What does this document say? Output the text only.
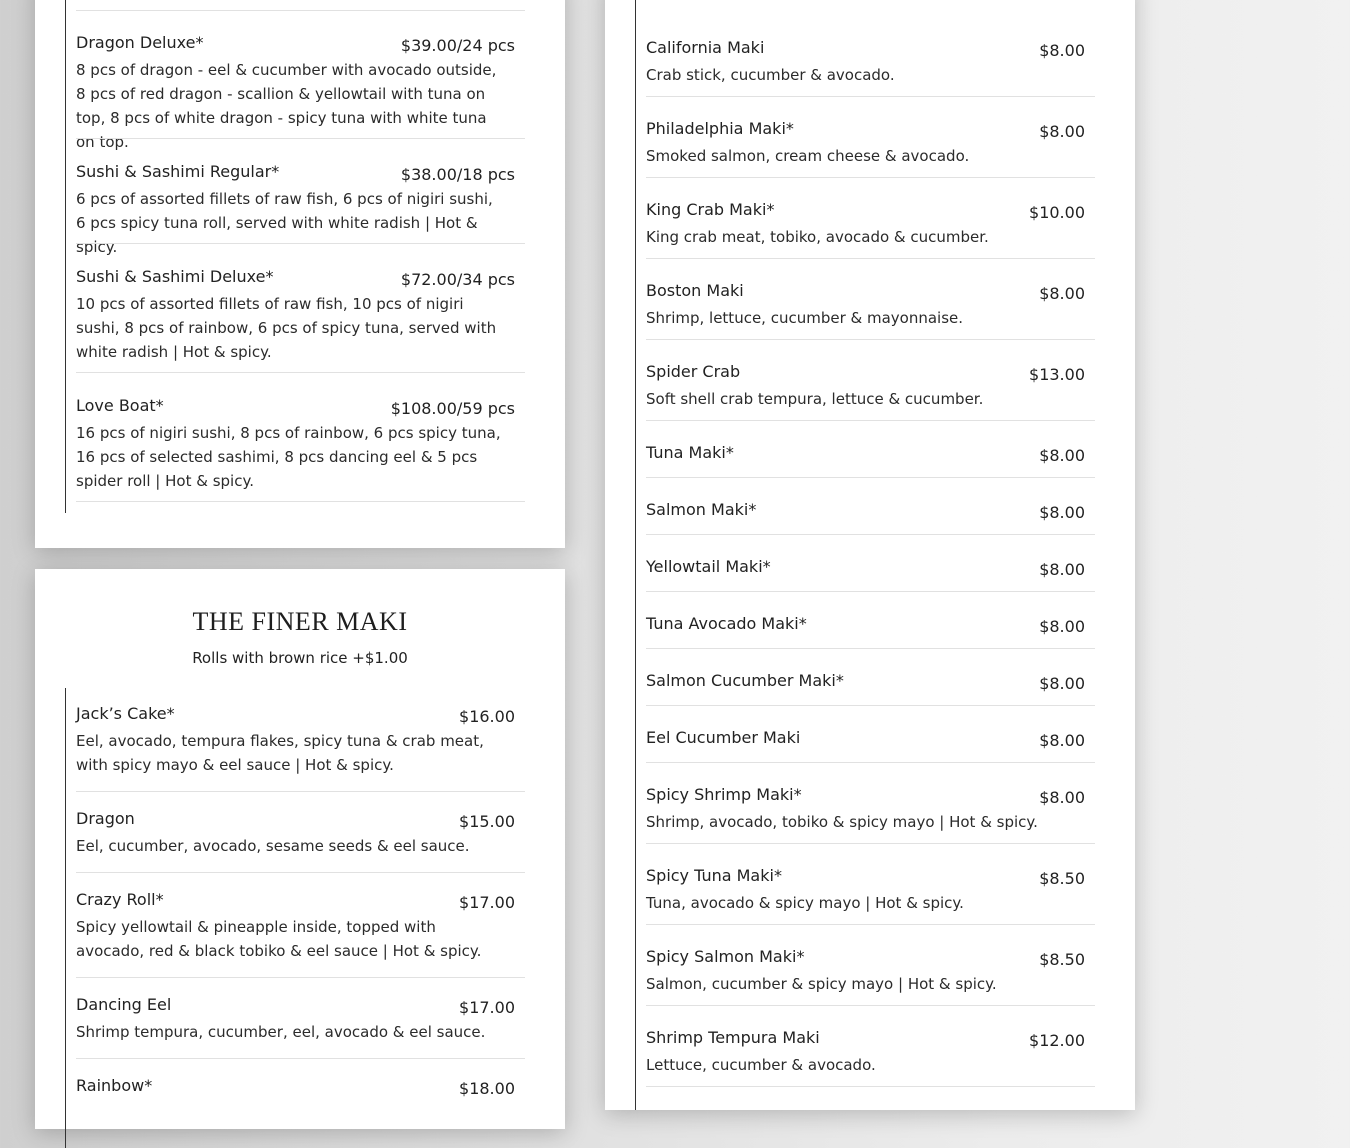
Dragon Deluxe*	$39.00/24 pcs
8 pcs of dragon - eel & cucumber with avocado outside, 8 pcs of red dragon - scallion & yellowtail with tuna on top, 8 pcs of white dragon - spicy tuna with white tuna on top.
Sushi & Sashimi Regular*	$38.00/18 pcs
6 pcs of assorted fillets of raw fish, 6 pcs of nigiri sushi, 6 pcs spicy tuna roll, served with white radish | Hot & spicy.
Sushi & Sashimi Deluxe*	$72.00/34 pcs
10 pcs of assorted fillets of raw fish, 10 pcs of nigiri sushi, 8 pcs of rainbow, 6 pcs of spicy tuna, served with white radish | Hot & spicy.
Love Boat*	$108.00/59 pcs
16 pcs of nigiri sushi, 8 pcs of rainbow, 6 pcs spicy tuna, 16 pcs of selected sashimi, 8 pcs dancing eel & 5 pcs spider roll | Hot & spicy.
THE FINER MAKI
Rolls with brown rice +$1.00
Jack’s Cake*	$16.00
Eel, avocado, tempura flakes, spicy tuna & crab meat, with spicy mayo & eel sauce | Hot & spicy.
Dragon	$15.00
Eel, cucumber, avocado, sesame seeds & eel sauce.
Crazy Roll*	$17.00
Spicy yellowtail & pineapple inside, topped with avocado, red & black tobiko & eel sauce | Hot & spicy.
Dancing Eel	$17.00
Shrimp tempura, cucumber, eel, avocado & eel sauce.
Rainbow*	$18.00
California Maki	$8.00
Crab stick, cucumber & avocado.
Philadelphia Maki*	$8.00
Smoked salmon, cream cheese & avocado.
King Crab Maki*	$10.00
King crab meat, tobiko, avocado & cucumber.
Boston Maki	$8.00
Shrimp, lettuce, cucumber & mayonnaise.
Spider Crab	$13.00
Soft shell crab tempura, lettuce & cucumber.
Tuna Maki*	$8.00
Salmon Maki*	$8.00
Yellowtail Maki*	$8.00
Tuna Avocado Maki*	$8.00
Salmon Cucumber Maki*	$8.00
Eel Cucumber Maki	$8.00
Spicy Shrimp Maki*	$8.00
Shrimp, avocado, tobiko & spicy mayo | Hot & spicy.
Spicy Tuna Maki*	$8.50
Tuna, avocado & spicy mayo | Hot & spicy.
Spicy Salmon Maki*	$8.50
Salmon, cucumber & spicy mayo | Hot & spicy.
Shrimp Tempura Maki	$12.00
Lettuce, cucumber & avocado.
